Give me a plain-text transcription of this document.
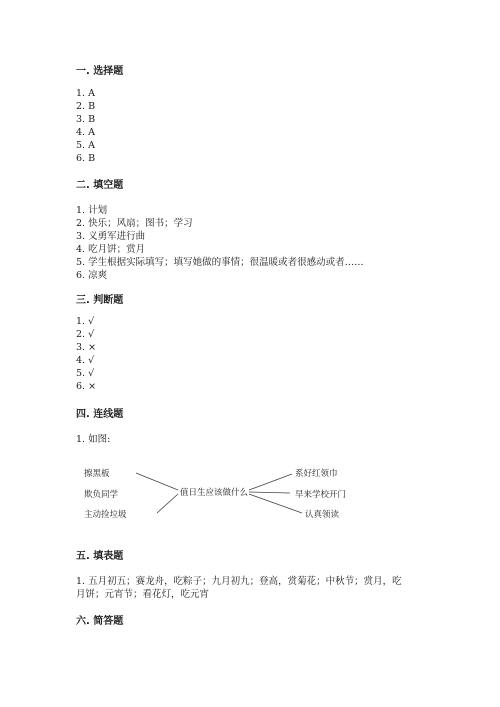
一. 选择题
1. A
2. B
3. B
4. A
5. A
6. B
二. 填空题
1. 计划
2. 快乐；风扇；图书；学习
3. 义勇军进行曲
4. 吃月饼；赏月
5. 学生根据实际填写；填写她做的事情；很温暖或者很感动或者……
6. 凉爽
三. 判断题
1. √
2. √
3. ×
4. √
5. √
6. ×
四. 连线题
1. 如图:
擦黑板
欺负同学
主动捡垃圾
值日生应该做什么
系好红领巾
早来学校开门
认真领读
五. 填表题
1. 五月初五；赛龙舟，吃粽子；九月初九；登高，赏菊花；中秋节；赏月，吃
月饼；元宵节；看花灯，吃元宵
六. 简答题
